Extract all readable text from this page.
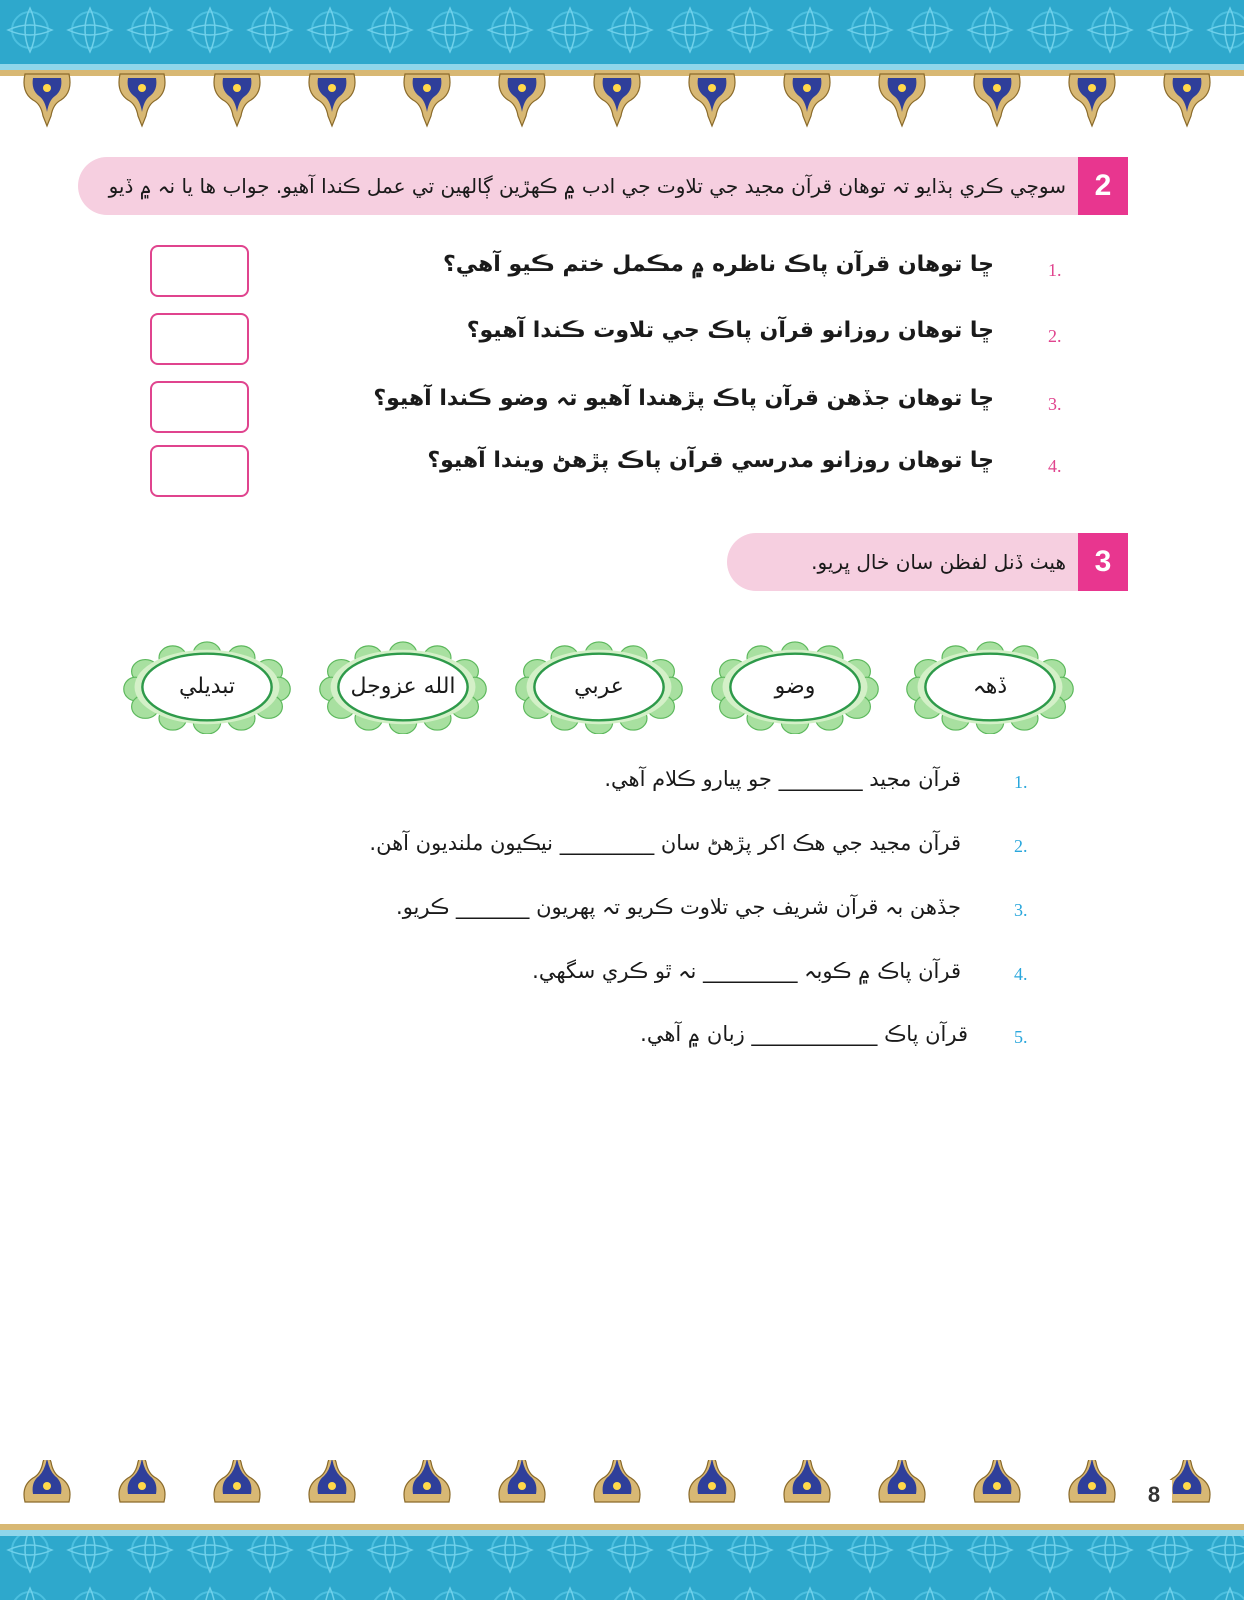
سوچي ڪري ٻڌايو تہ توهان قرآن مجيد جي تلاوت جي ادب ۾ ڪهڙين ڳالهين تي عمل ڪندا آهيو. جواب ها يا نہ ۾ ڏيو 2
ڇا توهان قرآن پاڪ ناظره ۾ مڪمل ختم ڪيو آهي؟	1.
ڇا توهان روزانو قرآن پاڪ جي تلاوت ڪندا آهيو؟	2.
ڇا توهان جڏهن قرآن پاڪ پڙهندا آهيو تہ وضو ڪندا آهيو؟	3.
ڇا توهان روزانو مدرسي قرآن پاڪ پڙهڻ ويندا آهيو؟	4.
هيٺ ڏنل لفظن سان خال ڀريو. 3
ڏهہ
وضو
عربي
الله عزوجل
تبديلي
قرآن مجيد ________ جو پيارو ڪلام آهي.	1.
قرآن مجيد جي هڪ اکر پڙهڻ سان _________ نيڪيون ملنديون آهن.	2.
جڏهن بہ قرآن شريف جي تلاوت ڪريو تہ پهريون _______ ڪريو.	3.
قرآن پاڪ ۾ ڪوبہ _________ نہ ٿو ڪري سگهي.	4.
قرآن پاڪ ____________ زبان ۾ آهي.	5.
8
